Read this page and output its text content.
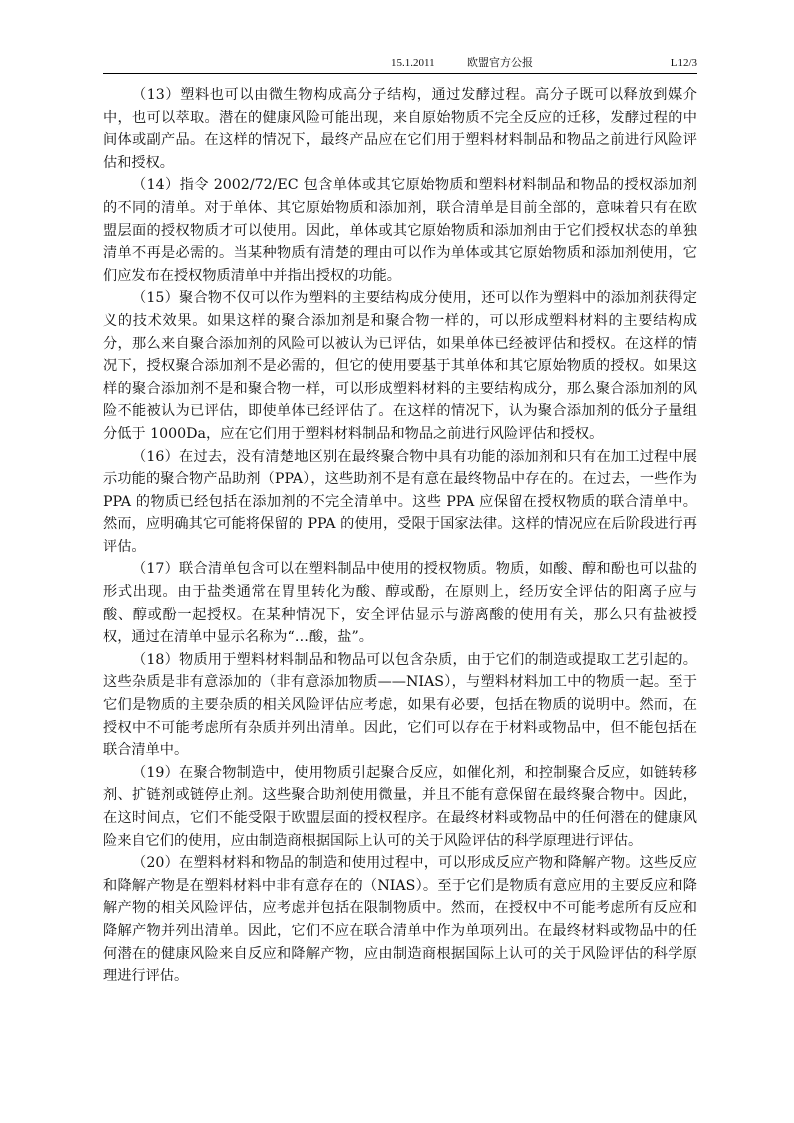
15.1.2011	欧盟官方公报	L12/3

（13）塑料也可以由微生物构成高分子结构，通过发酵过程。高分子既可以释放到媒介中，也可以萃取。潜在的健康风险可能出现，来自原始物质不完全反应的迁移，发酵过程的中间体或副产品。在这样的情况下，最终产品应在它们用于塑料材料制品和物品之前进行风险评估和授权。

（14）指令 2002/72/EC 包含单体或其它原始物质和塑料材料制品和物品的授权添加剂的不同的清单。对于单体、其它原始物质和添加剂，联合清单是目前全部的，意味着只有在欧盟层面的授权物质才可以使用。因此，单体或其它原始物质和添加剂由于它们授权状态的单独清单不再是必需的。当某种物质有清楚的理由可以作为单体或其它原始物质和添加剂使用，它们应发布在授权物质清单中并指出授权的功能。

（15）聚合物不仅可以作为塑料的主要结构成分使用，还可以作为塑料中的添加剂获得定义的技术效果。如果这样的聚合添加剂是和聚合物一样的，可以形成塑料材料的主要结构成分，那么来自聚合添加剂的风险可以被认为已评估，如果单体已经被评估和授权。在这样的情况下，授权聚合添加剂不是必需的，但它的使用要基于其单体和其它原始物质的授权。如果这样的聚合添加剂不是和聚合物一样，可以形成塑料材料的主要结构成分，那么聚合添加剂的风险不能被认为已评估，即使单体已经评估了。在这样的情况下，认为聚合添加剂的低分子量组分低于 1000Da，应在它们用于塑料材料制品和物品之前进行风险评估和授权。

（16）在过去，没有清楚地区别在最终聚合物中具有功能的添加剂和只有在加工过程中展示功能的聚合物产品助剂（PPA），这些助剂不是有意在最终物品中存在的。在过去，一些作为 PPA 的物质已经包括在添加剂的不完全清单中。这些 PPA 应保留在授权物质的联合清单中。然而，应明确其它可能将保留的 PPA 的使用，受限于国家法律。这样的情况应在后阶段进行再评估。

（17）联合清单包含可以在塑料制品中使用的授权物质。物质，如酸、醇和酚也可以盐的形式出现。由于盐类通常在胃里转化为酸、醇或酚，在原则上，经历安全评估的阳离子应与酸、醇或酚一起授权。在某种情况下，安全评估显示与游离酸的使用有关，那么只有盐被授权，通过在清单中显示名称为“…酸，盐”。

（18）物质用于塑料材料制品和物品可以包含杂质，由于它们的制造或提取工艺引起的。这些杂质是非有意添加的（非有意添加物质——NIAS），与塑料材料加工中的物质一起。至于它们是物质的主要杂质的相关风险评估应考虑，如果有必要，包括在物质的说明中。然而，在授权中不可能考虑所有杂质并列出清单。因此，它们可以存在于材料或物品中，但不能包括在联合清单中。

（19）在聚合物制造中，使用物质引起聚合反应，如催化剂，和控制聚合反应，如链转移剂、扩链剂或链停止剂。这些聚合助剂使用微量，并且不能有意保留在最终聚合物中。因此，在这时间点，它们不能受限于欧盟层面的授权程序。在最终材料或物品中的任何潜在的健康风险来自它们的使用，应由制造商根据国际上认可的关于风险评估的科学原理进行评估。

（20）在塑料材料和物品的制造和使用过程中，可以形成反应产物和降解产物。这些反应和降解产物是在塑料材料中非有意存在的（NIAS）。至于它们是物质有意应用的主要反应和降解产物的相关风险评估，应考虑并包括在限制物质中。然而，在授权中不可能考虑所有反应和降解产物并列出清单。因此，它们不应在联合清单中作为单项列出。在最终材料或物品中的任何潜在的健康风险来自反应和降解产物，应由制造商根据国际上认可的关于风险评估的科学原理进行评估。
